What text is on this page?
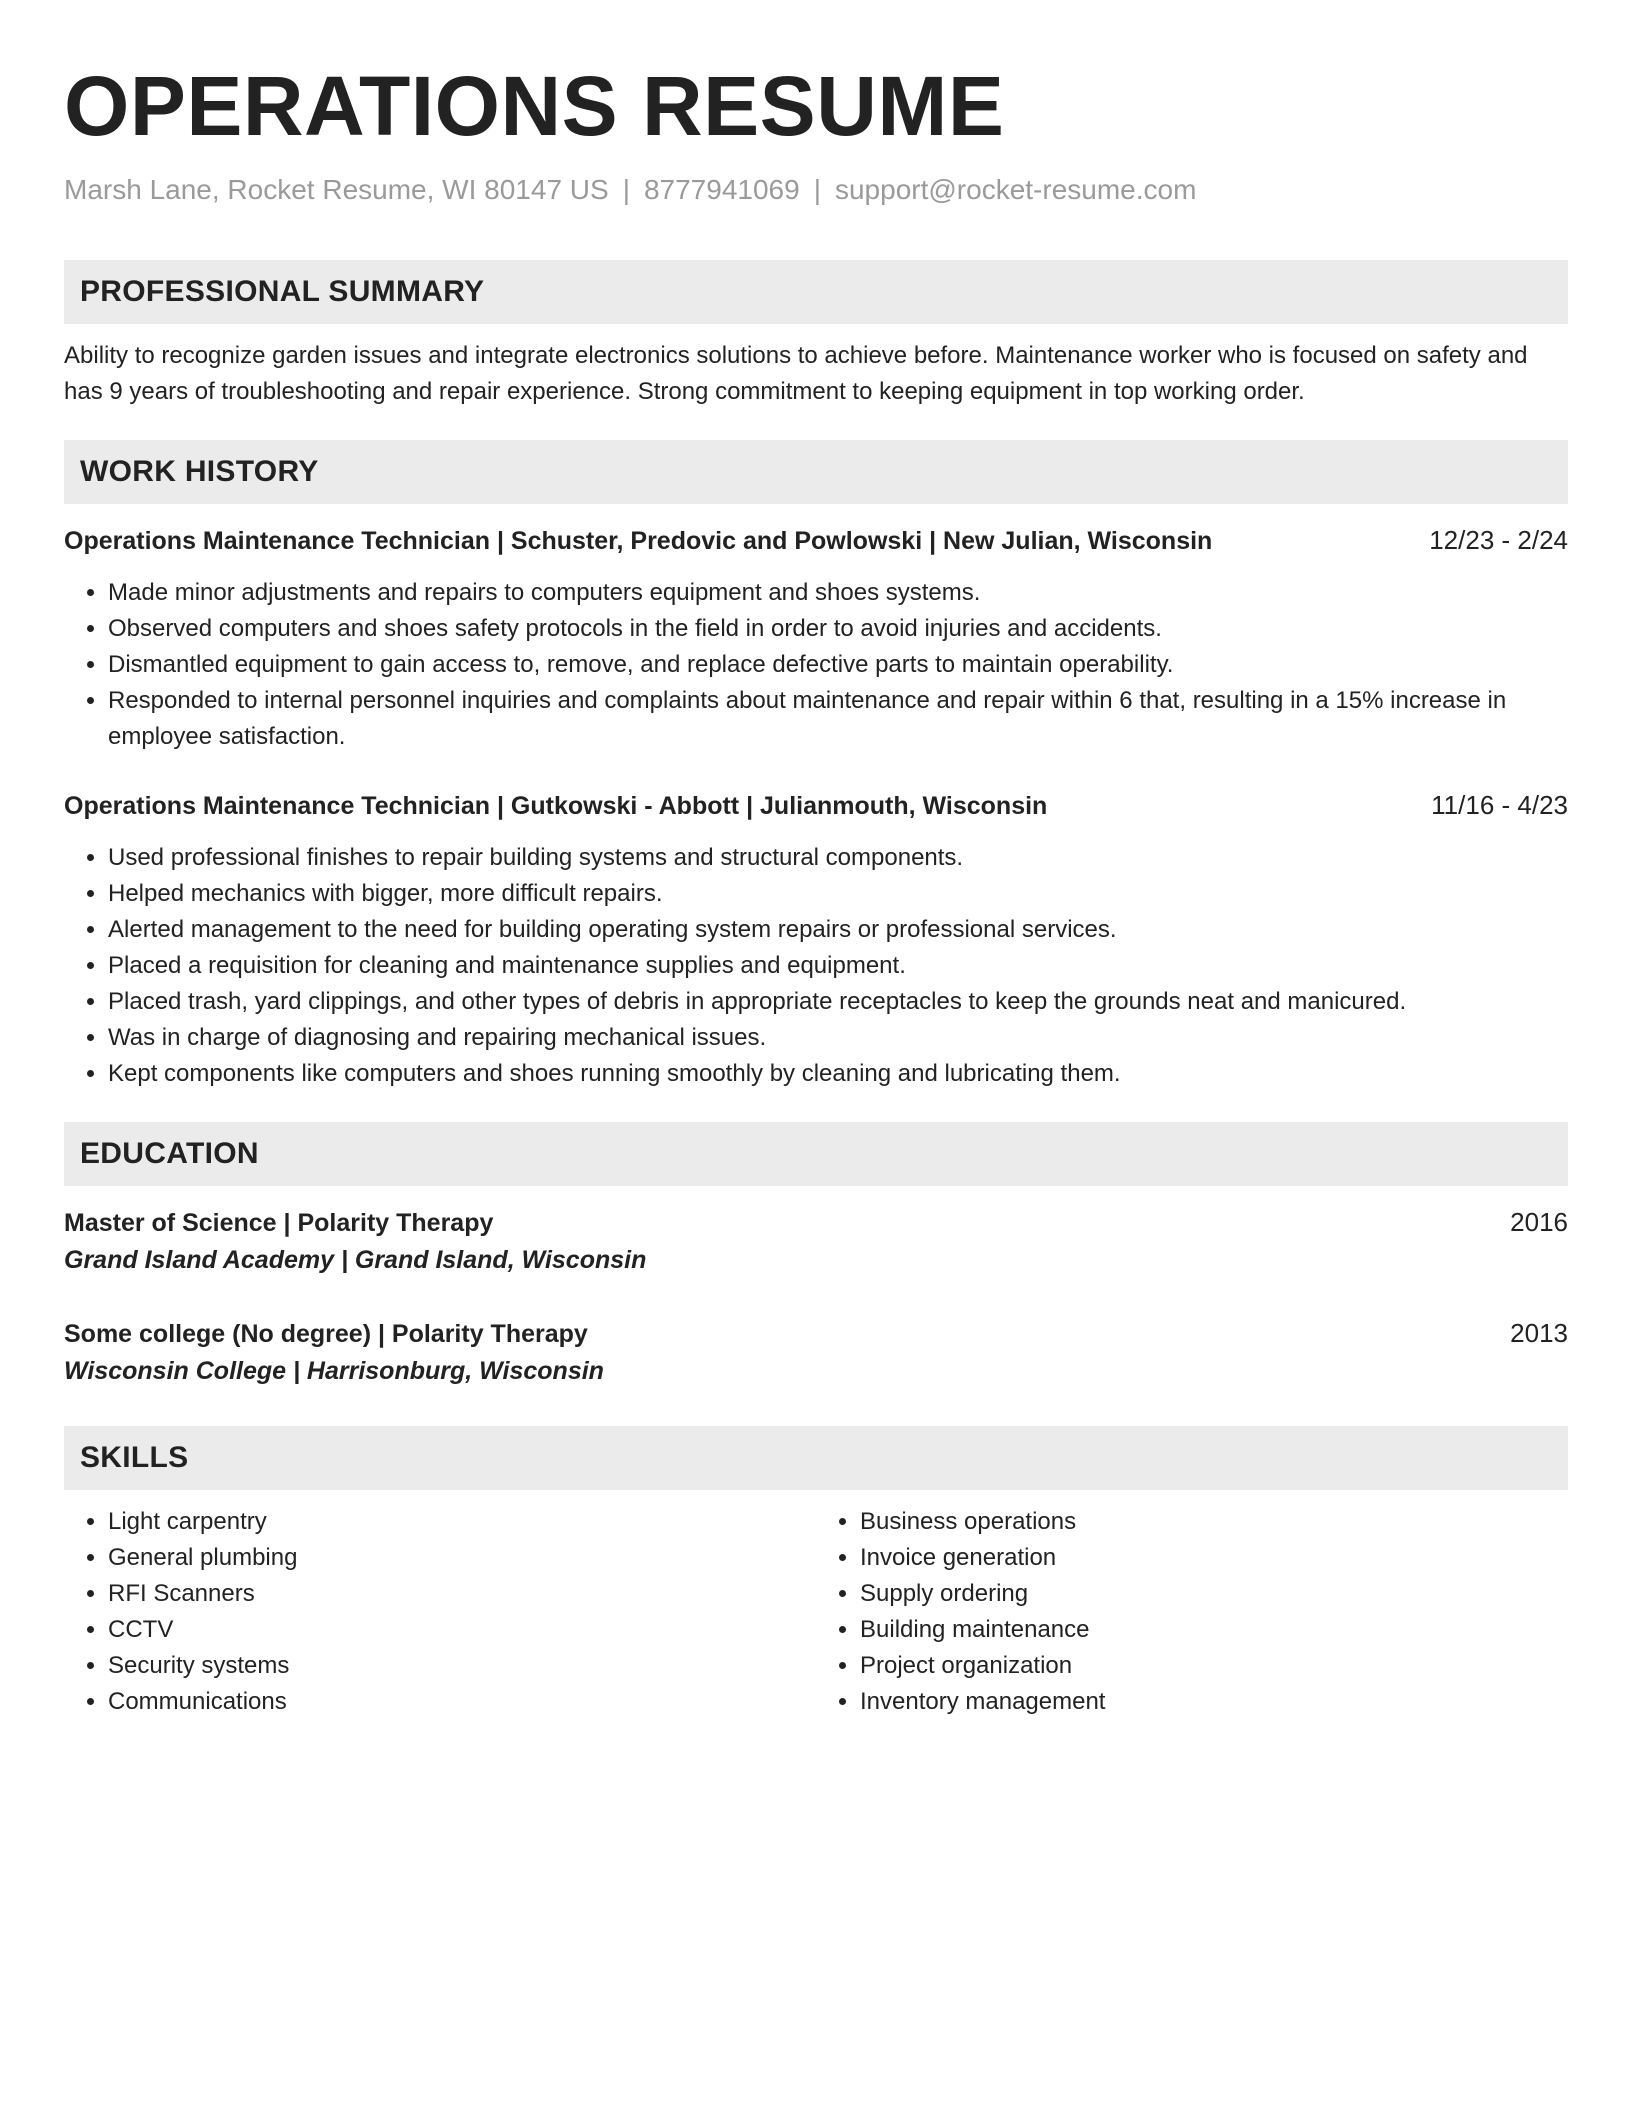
OPERATIONS RESUME
Marsh Lane, Rocket Resume, WI 80147 US | 8777941069 | support@rocket-resume.com
PROFESSIONAL SUMMARY
Ability to recognize garden issues and integrate electronics solutions to achieve before. Maintenance worker who is focused on safety and has 9 years of troubleshooting and repair experience. Strong commitment to keeping equipment in top working order.
WORK HISTORY
Operations Maintenance Technician | Schuster, Predovic and Powlowski | New Julian, Wisconsin	12/23 - 2/24
• Made minor adjustments and repairs to computers equipment and shoes systems.
• Observed computers and shoes safety protocols in the field in order to avoid injuries and accidents.
• Dismantled equipment to gain access to, remove, and replace defective parts to maintain operability.
• Responded to internal personnel inquiries and complaints about maintenance and repair within 6 that, resulting in a 15% increase in employee satisfaction.
Operations Maintenance Technician | Gutkowski - Abbott | Julianmouth, Wisconsin	11/16 - 4/23
• Used professional finishes to repair building systems and structural components.
• Helped mechanics with bigger, more difficult repairs.
• Alerted management to the need for building operating system repairs or professional services.
• Placed a requisition for cleaning and maintenance supplies and equipment.
• Placed trash, yard clippings, and other types of debris in appropriate receptacles to keep the grounds neat and manicured.
• Was in charge of diagnosing and repairing mechanical issues.
• Kept components like computers and shoes running smoothly by cleaning and lubricating them.
EDUCATION
Master of Science | Polarity Therapy	2016
Grand Island Academy | Grand Island, Wisconsin
Some college (No degree) | Polarity Therapy	2013
Wisconsin College | Harrisonburg, Wisconsin
SKILLS
• Light carpentry
• General plumbing
• RFI Scanners
• CCTV
• Security systems
• Communications
• Business operations
• Invoice generation
• Supply ordering
• Building maintenance
• Project organization
• Inventory management
